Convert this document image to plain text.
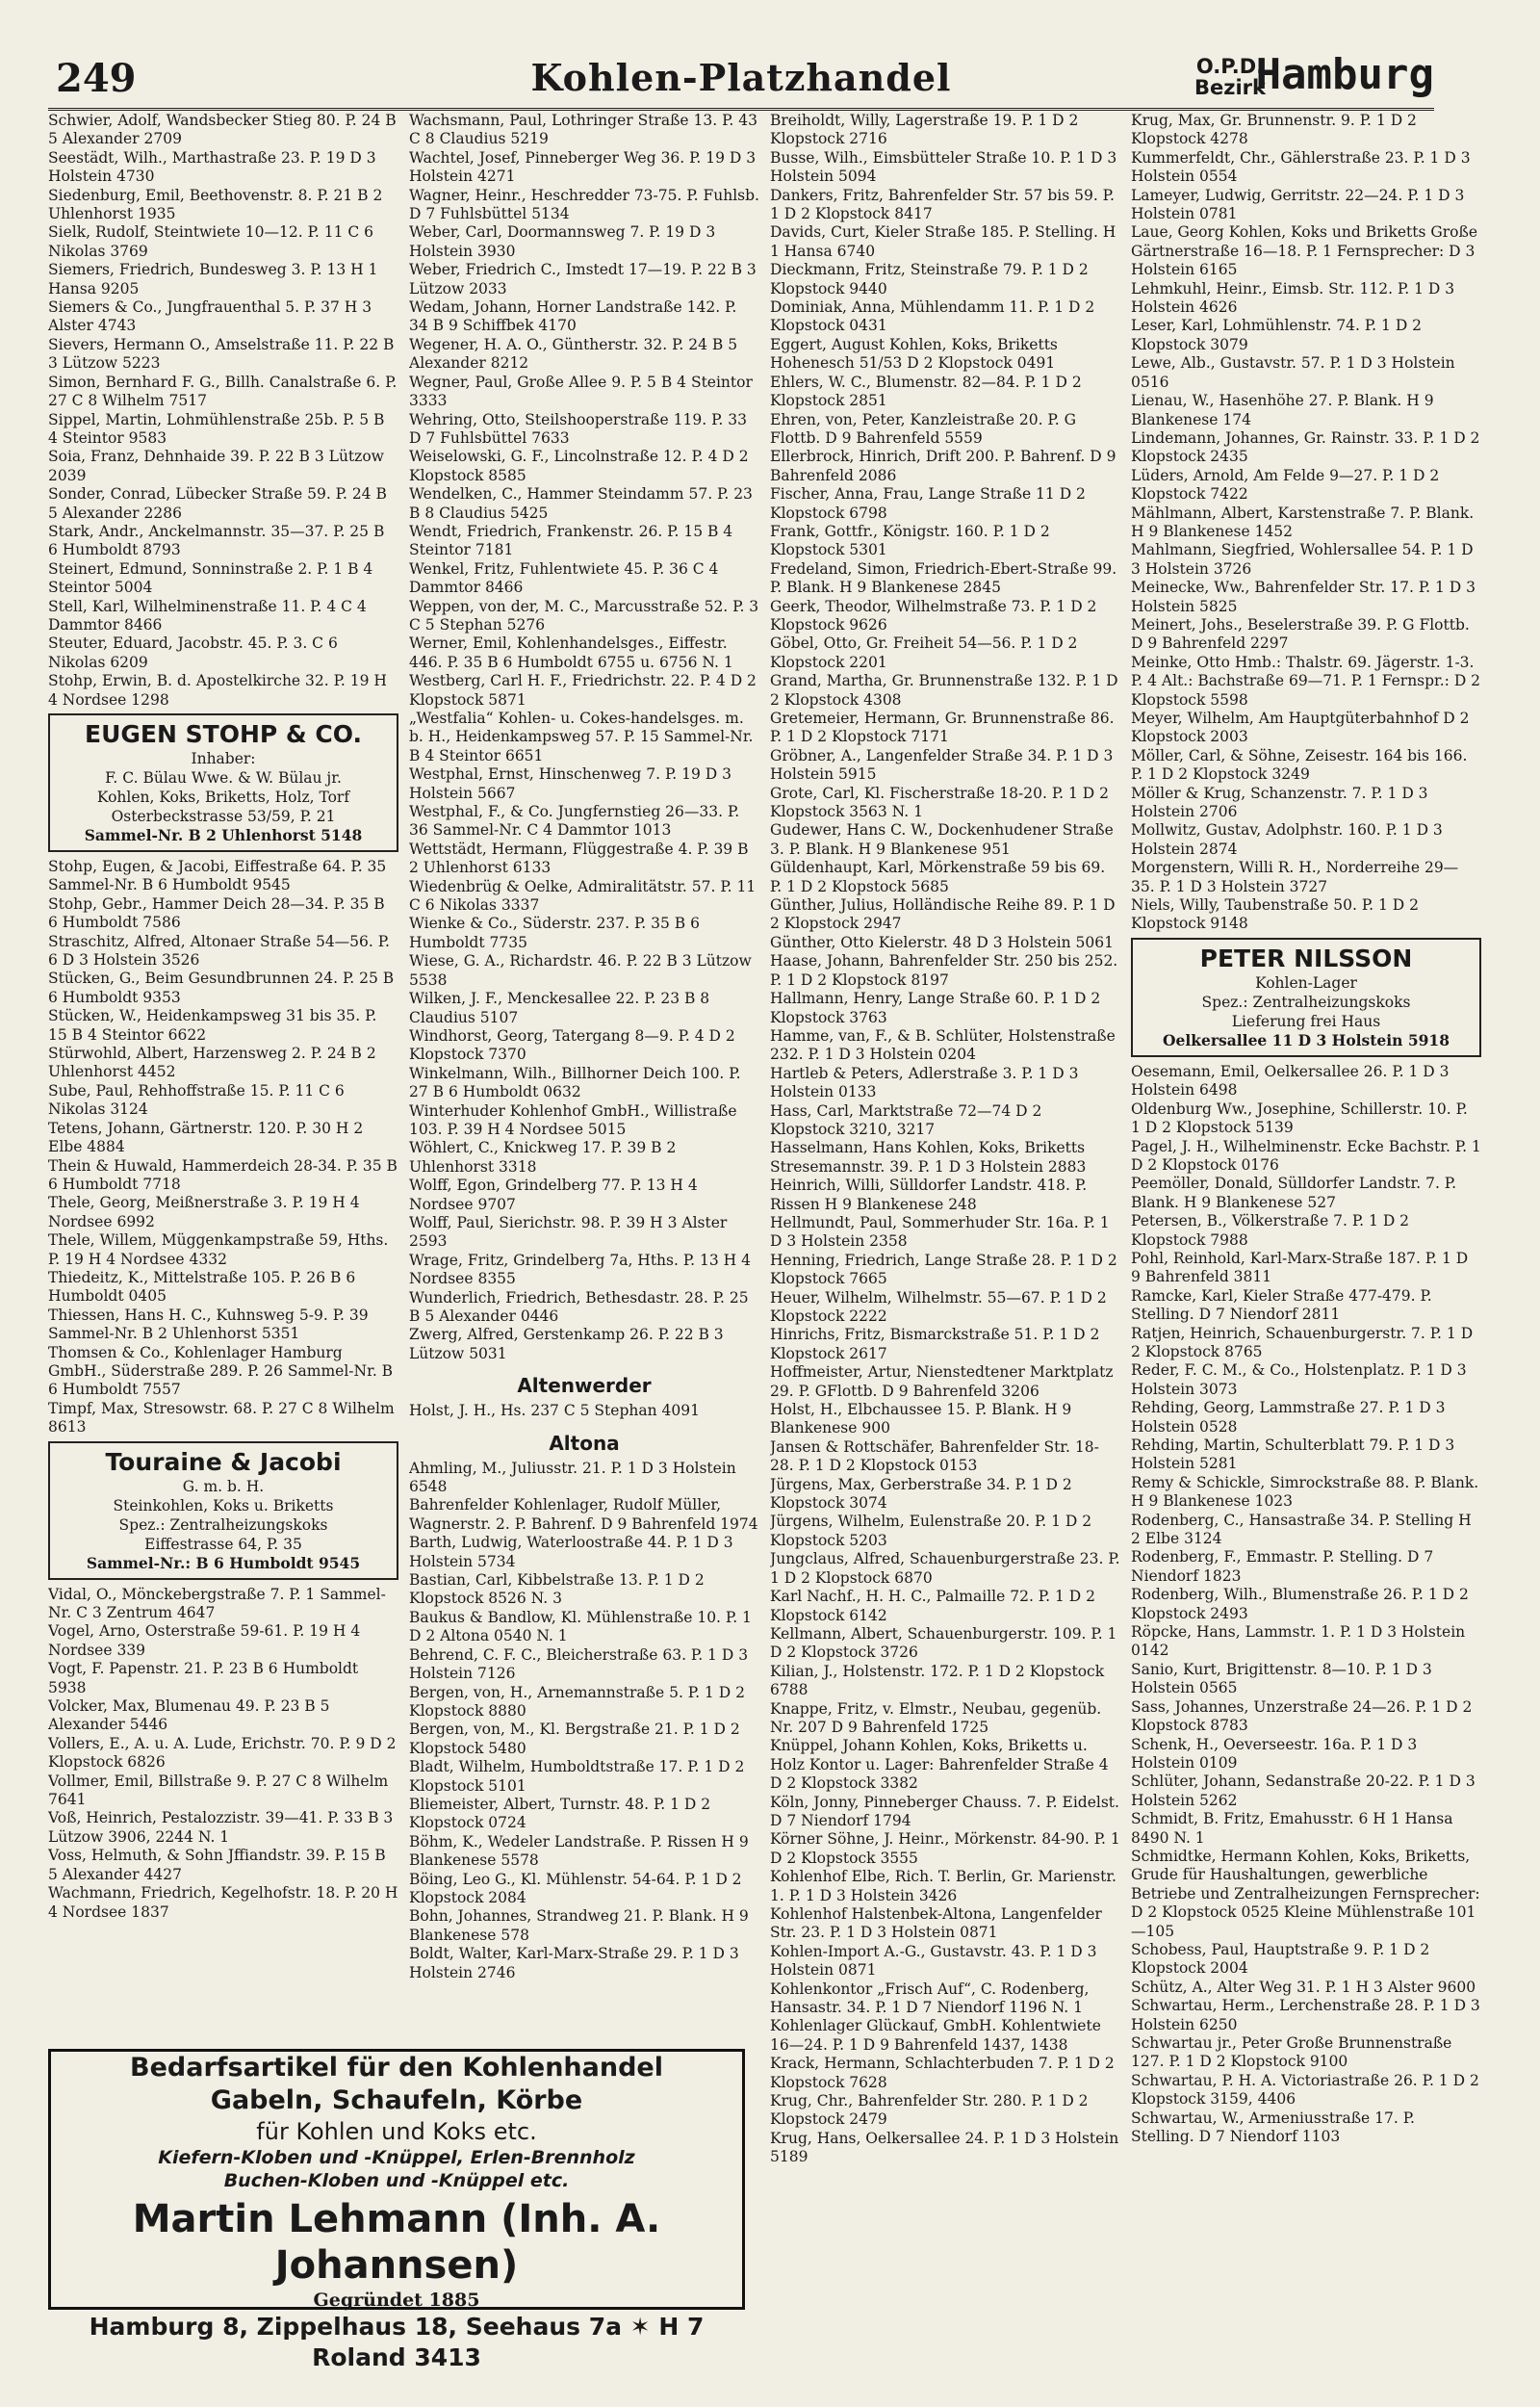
249	Kohlen-Platzhandel	O.P.D.
Bezirk
Hamburg

Schwier, Adolf, Wandsbecker Stieg 80. P. 24 B 5 Alexander 2709

Seestädt, Wilh., Marthastraße 23. P. 19 D 3 Holstein 4730

Siedenburg, Emil, Beethovenstr. 8. P. 21 B 2 Uhlenhorst 1935

Sielk, Rudolf, Steintwiete 10—12. P. 11 C 6 Nikolas 3769

Siemers, Friedrich, Bundesweg 3. P. 13 H 1 Hansa 9205

Siemers & Co., Jungfrauenthal 5. P. 37 H 3 Alster 4743

Sievers, Hermann O., Amselstraße 11. P. 22 B 3 Lützow 5223

Simon, Bernhard F. G., Billh. Canalstraße 6. P. 27 C 8 Wilhelm 7517

Sippel, Martin, Lohmühlenstraße 25b. P. 5 B 4 Steintor 9583

Soia, Franz, Dehnhaide 39. P. 22 B 3 Lützow 2039

Sonder, Conrad, Lübecker Straße 59. P. 24 B 5 Alexander 2286

Stark, Andr., Anckelmannstr. 35—37. P. 25 B 6 Humboldt 8793

Steinert, Edmund, Sonninstraße 2. P. 1 B 4 Steintor 5004

Stell, Karl, Wilhelminenstraße 11. P. 4 C 4 Dammtor 8466

Steuter, Eduard, Jacobstr. 45. P. 3. C 6 Nikolas 6209

Stohp, Erwin, B. d. Apostelkirche 32. P. 19 H 4 Nordsee 1298

EUGEN STOHP & CO.
Inhaber:
F. C. Bülau Wwe. & W. Bülau jr.
Kohlen, Koks, Briketts, Holz, Torf
Osterbeckstrasse 53/59, P. 21
Sammel-Nr. B 2 Uhlenhorst 5148

Stohp, Eugen, & Jacobi, Eiffestraße 64. P. 35 Sammel-Nr. B 6 Humboldt 9545

Stohp, Gebr., Hammer Deich 28—34. P. 35 B 6 Humboldt 7586

Straschitz, Alfred, Altonaer Straße 54—56. P. 6 D 3 Holstein 3526

Stücken, G., Beim Gesundbrunnen 24. P. 25 B 6 Humboldt 9353

Stücken, W., Heidenkampsweg 31 bis 35. P. 15 B 4 Steintor 6622

Stürwohld, Albert, Harzensweg 2. P. 24 B 2 Uhlenhorst 4452

Sube, Paul, Rehhoffstraße 15. P. 11 C 6 Nikolas 3124

Tetens, Johann, Gärtnerstr. 120. P. 30 H 2 Elbe 4884

Thein & Huwald, Hammerdeich 28-34. P. 35 B 6 Humboldt 7718

Thele, Georg, Meißnerstraße 3. P. 19 H 4 Nordsee 6992

Thele, Willem, Müggenkampstraße 59, Hths. P. 19 H 4 Nordsee 4332

Thiedeitz, K., Mittelstraße 105. P. 26 B 6 Humboldt 0405

Thiessen, Hans H. C., Kuhnsweg 5-9. P. 39 Sammel-Nr. B 2 Uhlenhorst 5351

Thomsen & Co., Kohlenlager Hamburg GmbH., Süderstraße 289. P. 26 Sammel-Nr. B 6 Humboldt 7557

Timpf, Max, Stresowstr. 68. P. 27 C 8 Wilhelm 8613

Touraine & Jacobi
G. m. b. H.
Steinkohlen, Koks u. Briketts
Spez.: Zentralheizungskoks
Eiffestrasse 64, P. 35
Sammel-Nr.: B 6 Humboldt 9545

Vidal, O., Mönckebergstraße 7. P. 1 Sammel-Nr. C 3 Zentrum 4647

Vogel, Arno, Osterstraße 59-61. P. 19 H 4 Nordsee 339

Vogt, F. Papenstr. 21. P. 23 B 6 Humboldt 5938

Volcker, Max, Blumenau 49. P. 23 B 5 Alexander 5446

Vollers, E., A. u. A. Lude, Erichstr. 70. P. 9 D 2 Klopstock 6826

Vollmer, Emil, Billstraße 9. P. 27 C 8 Wilhelm 7641

Voß, Heinrich, Pestalozzistr. 39—41. P. 33 B 3 Lützow 3906, 2244 N. 1

Voss, Helmuth, & Sohn Jffiandstr. 39. P. 15 B 5 Alexander 4427

Wachmann, Friedrich, Kegelhofstr. 18. P. 20 H 4 Nordsee 1837

Wachsmann, Paul, Lothringer Straße 13. P. 43 C 8 Claudius 5219

Wachtel, Josef, Pinneberger Weg 36. P. 19 D 3 Holstein 4271

Wagner, Heinr., Heschredder 73-75. P. Fuhlsb. D 7 Fuhlsbüttel 5134

Weber, Carl, Doormannsweg 7. P. 19 D 3 Holstein 3930

Weber, Friedrich C., Imstedt 17—19. P. 22 B 3 Lützow 2033

Wedam, Johann, Horner Landstraße 142. P. 34 B 9 Schiffbek 4170

Wegener, H. A. O., Güntherstr. 32. P. 24 B 5 Alexander 8212

Wegner, Paul, Große Allee 9. P. 5 B 4 Steintor 3333

Wehring, Otto, Steilshooperstraße 119. P. 33 D 7 Fuhlsbüttel 7633

Weiselowski, G. F., Lincolnstraße 12. P. 4 D 2 Klopstock 8585

Wendelken, C., Hammer Steindamm 57. P. 23 B 8 Claudius 5425

Wendt, Friedrich, Frankenstr. 26. P. 15 B 4 Steintor 7181

Wenkel, Fritz, Fuhlentwiete 45. P. 36 C 4 Dammtor 8466

Weppen, von der, M. C., Marcusstraße 52. P. 3 C 5 Stephan 5276

Werner, Emil, Kohlenhandelsges., Eiffestr. 446. P. 35 B 6 Humboldt 6755 u. 6756 N. 1

Westberg, Carl H. F., Friedrichstr. 22. P. 4 D 2 Klopstock 5871

„Westfalia“ Kohlen- u. Cokes-handelsges. m. b. H., Heidenkampsweg 57. P. 15 Sammel-Nr. B 4 Steintor 6651

Westphal, Ernst, Hinschenweg 7. P. 19 D 3 Holstein 5667

Westphal, F., & Co. Jungfernstieg 26—33. P. 36 Sammel-Nr. C 4 Dammtor 1013

Wettstädt, Hermann, Flüggestraße 4. P. 39 B 2 Uhlenhorst 6133

Wiedenbrüg & Oelke, Admiralitätstr. 57. P. 11 C 6 Nikolas 3337

Wienke & Co., Süderstr. 237. P. 35 B 6 Humboldt 7735

Wiese, G. A., Richardstr. 46. P. 22 B 3 Lützow 5538

Wilken, J. F., Menckesallee 22. P. 23 B 8 Claudius 5107

Windhorst, Georg, Tatergang 8—9. P. 4 D 2 Klopstock 7370

Winkelmann, Wilh., Billhorner Deich 100. P. 27 B 6 Humboldt 0632

Winterhuder Kohlenhof GmbH., Willistraße 103. P. 39 H 4 Nordsee 5015

Wöhlert, C., Knickweg 17. P. 39 B 2 Uhlenhorst 3318

Wolff, Egon, Grindelberg 77. P. 13 H 4 Nordsee 9707

Wolff, Paul, Sierichstr. 98. P. 39 H 3 Alster 2593

Wrage, Fritz, Grindelberg 7a, Hths. P. 13 H 4 Nordsee 8355

Wunderlich, Friedrich, Bethesdastr. 28. P. 25 B 5 Alexander 0446

Zwerg, Alfred, Gerstenkamp 26. P. 22 B 3 Lützow 5031

Altenwerder

Holst, J. H., Hs. 237 C 5 Stephan 4091

Altona

Ahmling, M., Juliusstr. 21. P. 1 D 3 Holstein 6548

Bahrenfelder Kohlenlager, Rudolf Müller, Wagnerstr. 2. P. Bahrenf. D 9 Bahrenfeld 1974

Barth, Ludwig, Waterloostraße 44. P. 1 D 3 Holstein 5734

Bastian, Carl, Kibbelstraße 13. P. 1 D 2 Klopstock 8526 N. 3

Baukus & Bandlow, Kl. Mühlenstraße 10. P. 1 D 2 Altona 0540 N. 1

Behrend, C. F. C., Bleicherstraße 63. P. 1 D 3 Holstein 7126

Bergen, von, H., Arnemannstraße 5. P. 1 D 2 Klopstock 8880

Bergen, von, M., Kl. Bergstraße 21. P. 1 D 2 Klopstock 5480

Bladt, Wilhelm, Humboldtstraße 17. P. 1 D 2 Klopstock 5101

Bliemeister, Albert, Turnstr. 48. P. 1 D 2 Klopstock 0724

Böhm, K., Wedeler Landstraße. P. Rissen H 9 Blankenese 5578

Böing, Leo G., Kl. Mühlenstr. 54-64. P. 1 D 2 Klopstock 2084

Bohn, Johannes, Strandweg 21. P. Blank. H 9 Blankenese 578

Boldt, Walter, Karl-Marx-Straße 29. P. 1 D 3 Holstein 2746

Breiholdt, Willy, Lagerstraße 19. P. 1 D 2 Klopstock 2716

Busse, Wilh., Eimsbütteler Straße 10. P. 1 D 3 Holstein 5094

Dankers, Fritz, Bahrenfelder Str. 57 bis 59. P. 1 D 2 Klopstock 8417

Davids, Curt, Kieler Straße 185. P. Stelling. H 1 Hansa 6740

Dieckmann, Fritz, Steinstraße 79. P. 1 D 2 Klopstock 9440

Dominiak, Anna, Mühlendamm 11. P. 1 D 2 Klopstock 0431

Eggert, August Kohlen, Koks, Briketts Hohenesch 51/53 D 2 Klopstock 0491

Ehlers, W. C., Blumenstr. 82—84. P. 1 D 2 Klopstock 2851

Ehren, von, Peter, Kanzleistraße 20. P. G Flottb. D 9 Bahrenfeld 5559

Ellerbrock, Hinrich, Drift 200. P. Bahrenf. D 9 Bahrenfeld 2086

Fischer, Anna, Frau, Lange Straße 11 D 2 Klopstock 6798

Frank, Gottfr., Königstr. 160. P. 1 D 2 Klopstock 5301

Fredeland, Simon, Friedrich-Ebert-Straße 99. P. Blank. H 9 Blankenese 2845

Geerk, Theodor, Wilhelmstraße 73. P. 1 D 2 Klopstock 9626

Göbel, Otto, Gr. Freiheit 54—56. P. 1 D 2 Klopstock 2201

Grand, Martha, Gr. Brunnenstraße 132. P. 1 D 2 Klopstock 4308

Gretemeier, Hermann, Gr. Brunnenstraße 86. P. 1 D 2 Klopstock 7171

Gröbner, A., Langenfelder Straße 34. P. 1 D 3 Holstein 5915

Grote, Carl, Kl. Fischerstraße 18-20. P. 1 D 2 Klopstock 3563 N. 1

Gudewer, Hans C. W., Dockenhudener Straße 3. P. Blank. H 9 Blankenese 951

Güldenhaupt, Karl, Mörkenstraße 59 bis 69. P. 1 D 2 Klopstock 5685

Günther, Julius, Holländische Reihe 89. P. 1 D 2 Klopstock 2947

Günther, Otto Kielerstr. 48 D 3 Holstein 5061

Haase, Johann, Bahrenfelder Str. 250 bis 252. P. 1 D 2 Klopstock 8197

Hallmann, Henry, Lange Straße 60. P. 1 D 2 Klopstock 3763

Hamme, van, F., & B. Schlüter, Holstenstraße 232. P. 1 D 3 Holstein 0204

Hartleb & Peters, Adlerstraße 3. P. 1 D 3 Holstein 0133

Hass, Carl, Marktstraße 72—74 D 2 Klopstock 3210, 3217

Hasselmann, Hans Kohlen, Koks, Briketts Stresemannstr. 39. P. 1 D 3 Holstein 2883

Heinrich, Willi, Sülldorfer Landstr. 418. P. Rissen H 9 Blankenese 248

Hellmundt, Paul, Sommerhuder Str. 16a. P. 1 D 3 Holstein 2358

Henning, Friedrich, Lange Straße 28. P. 1 D 2 Klopstock 7665

Heuer, Wilhelm, Wilhelmstr. 55—67. P. 1 D 2 Klopstock 2222

Hinrichs, Fritz, Bismarckstraße 51. P. 1 D 2 Klopstock 2617

Hoffmeister, Artur, Nienstedtener Marktplatz 29. P. GFlottb. D 9 Bahrenfeld 3206

Holst, H., Elbchaussee 15. P. Blank. H 9 Blankenese 900

Jansen & Rottschäfer, Bahrenfelder Str. 18-28. P. 1 D 2 Klopstock 0153

Jürgens, Max, Gerberstraße 34. P. 1 D 2 Klopstock 3074

Jürgens, Wilhelm, Eulenstraße 20. P. 1 D 2 Klopstock 5203

Jungclaus, Alfred, Schauenburgerstraße 23. P. 1 D 2 Klopstock 6870

Karl Nachf., H. H. C., Palmaille 72. P. 1 D 2 Klopstock 6142

Kellmann, Albert, Schauenburgerstr. 109. P. 1 D 2 Klopstock 3726

Kilian, J., Holstenstr. 172. P. 1 D 2 Klopstock 6788

Knappe, Fritz, v. Elmstr., Neubau, gegenüb. Nr. 207 D 9 Bahrenfeld 1725

Knüppel, Johann Kohlen, Koks, Briketts u. Holz Kontor u. Lager: Bahrenfelder Straße 4 D 2 Klopstock 3382

Köln, Jonny, Pinneberger Chauss. 7. P. Eidelst. D 7 Niendorf 1794

Körner Söhne, J. Heinr., Mörkenstr. 84-90. P. 1 D 2 Klopstock 3555

Kohlenhof Elbe, Rich. T. Berlin, Gr. Marienstr. 1. P. 1 D 3 Holstein 3426

Kohlenhof Halstenbek-Altona, Langenfelder Str. 23. P. 1 D 3 Holstein 0871

Kohlen-Import A.-G., Gustavstr. 43. P. 1 D 3 Holstein 0871

Kohlenkontor „Frisch Auf“, C. Rodenberg, Hansastr. 34. P. 1 D 7 Niendorf 1196 N. 1

Kohlenlager Glückauf, GmbH. Kohlentwiete 16—24. P. 1 D 9 Bahrenfeld 1437, 1438

Krack, Hermann, Schlachterbuden 7. P. 1 D 2 Klopstock 7628

Krug, Chr., Bahrenfelder Str. 280. P. 1 D 2 Klopstock 2479

Krug, Hans, Oelkersallee 24. P. 1 D 3 Holstein 5189

Krug, Max, Gr. Brunnenstr. 9. P. 1 D 2 Klopstock 4278

Kummerfeldt, Chr., Gählerstraße 23. P. 1 D 3 Holstein 0554

Lameyer, Ludwig, Gerritstr. 22—24. P. 1 D 3 Holstein 0781

Laue, Georg Kohlen, Koks und Briketts Große Gärtnerstraße 16—18. P. 1 Fernsprecher: D 3 Holstein 6165

Lehmkuhl, Heinr., Eimsb. Str. 112. P. 1 D 3 Holstein 4626

Leser, Karl, Lohmühlenstr. 74. P. 1 D 2 Klopstock 3079

Lewe, Alb., Gustavstr. 57. P. 1 D 3 Holstein 0516

Lienau, W., Hasenhöhe 27. P. Blank. H 9 Blankenese 174

Lindemann, Johannes, Gr. Rainstr. 33. P. 1 D 2 Klopstock 2435

Lüders, Arnold, Am Felde 9—27. P. 1 D 2 Klopstock 7422

Mählmann, Albert, Karstenstraße 7. P. Blank. H 9 Blankenese 1452

Mahlmann, Siegfried, Wohlersallee 54. P. 1 D 3 Holstein 3726

Meinecke, Ww., Bahrenfelder Str. 17. P. 1 D 3 Holstein 5825

Meinert, Johs., Beselerstraße 39. P. G Flottb. D 9 Bahrenfeld 2297

Meinke, Otto Hmb.: Thalstr. 69. Jägerstr. 1-3. P. 4 Alt.: Bachstraße 69—71. P. 1 Fernspr.: D 2 Klopstock 5598

Meyer, Wilhelm, Am Hauptgüterbahnhof D 2 Klopstock 2003

Möller, Carl, & Söhne, Zeisestr. 164 bis 166. P. 1 D 2 Klopstock 3249

Möller & Krug, Schanzenstr. 7. P. 1 D 3 Holstein 2706

Mollwitz, Gustav, Adolphstr. 160. P. 1 D 3 Holstein 2874

Morgenstern, Willi R. H., Norderreihe 29—35. P. 1 D 3 Holstein 3727

Niels, Willy, Taubenstraße 50. P. 1 D 2 Klopstock 9148

PETER NILSSON
Kohlen-Lager
Spez.: Zentralheizungskoks
Lieferung frei Haus
Oelkersallee 11 D 3 Holstein 5918

Oesemann, Emil, Oelkersallee 26. P. 1 D 3 Holstein 6498

Oldenburg Ww., Josephine, Schillerstr. 10. P. 1 D 2 Klopstock 5139

Pagel, J. H., Wilhelminenstr. Ecke Bachstr. P. 1 D 2 Klopstock 0176

Peemöller, Donald, Sülldorfer Landstr. 7. P. Blank. H 9 Blankenese 527

Petersen, B., Völkerstraße 7. P. 1 D 2 Klopstock 7988

Pohl, Reinhold, Karl-Marx-Straße 187. P. 1 D 9 Bahrenfeld 3811

Ramcke, Karl, Kieler Straße 477-479. P. Stelling. D 7 Niendorf 2811

Ratjen, Heinrich, Schauenburgerstr. 7. P. 1 D 2 Klopstock 8765

Reder, F. C. M., & Co., Holstenplatz. P. 1 D 3 Holstein 3073

Rehding, Georg, Lammstraße 27. P. 1 D 3 Holstein 0528

Rehding, Martin, Schulterblatt 79. P. 1 D 3 Holstein 5281

Remy & Schickle, Simrockstraße 88. P. Blank. H 9 Blankenese 1023

Rodenberg, C., Hansastraße 34. P. Stelling H 2 Elbe 3124

Rodenberg, F., Emmastr. P. Stelling. D 7 Niendorf 1823

Rodenberg, Wilh., Blumenstraße 26. P. 1 D 2 Klopstock 2493

Röpcke, Hans, Lammstr. 1. P. 1 D 3 Holstein 0142

Sanio, Kurt, Brigittenstr. 8—10. P. 1 D 3 Holstein 0565

Sass, Johannes, Unzerstraße 24—26. P. 1 D 2 Klopstock 8783

Schenk, H., Oeverseestr. 16a. P. 1 D 3 Holstein 0109

Schlüter, Johann, Sedanstraße 20-22. P. 1 D 3 Holstein 5262

Schmidt, B. Fritz, Emahusstr. 6 H 1 Hansa 8490 N. 1

Schmidtke, Hermann Kohlen, Koks, Briketts, Grude für Haushaltungen, gewerbliche Betriebe und Zentralheizungen Fernsprecher: D 2 Klopstock 0525 Kleine Mühlenstraße 101—105

Schobess, Paul, Hauptstraße 9. P. 1 D 2 Klopstock 2004

Schütz, A., Alter Weg 31. P. 1 H 3 Alster 9600

Schwartau, Herm., Lerchenstraße 28. P. 1 D 3 Holstein 6250

Schwartau jr., Peter Große Brunnenstraße 127. P. 1 D 2 Klopstock 9100

Schwartau, P. H. A. Victoriastraße 26. P. 1 D 2 Klopstock 3159, 4406

Schwartau, W., Armeniusstraße 17. P. Stelling. D 7 Niendorf 1103

Bedarfsartikel für den Kohlenhandel
Gabeln, Schaufeln, Körbe
für Kohlen und Koks etc.
Kiefern-Kloben und -Knüppel, Erlen-Brennholz
Buchen-Kloben und -Knüppel etc.
Martin Lehmann (Inh. A. Johannsen)
Gegründet 1885
Hamburg 8, Zippelhaus 18, Seehaus 7a ✶ H 7 Roland 3413
